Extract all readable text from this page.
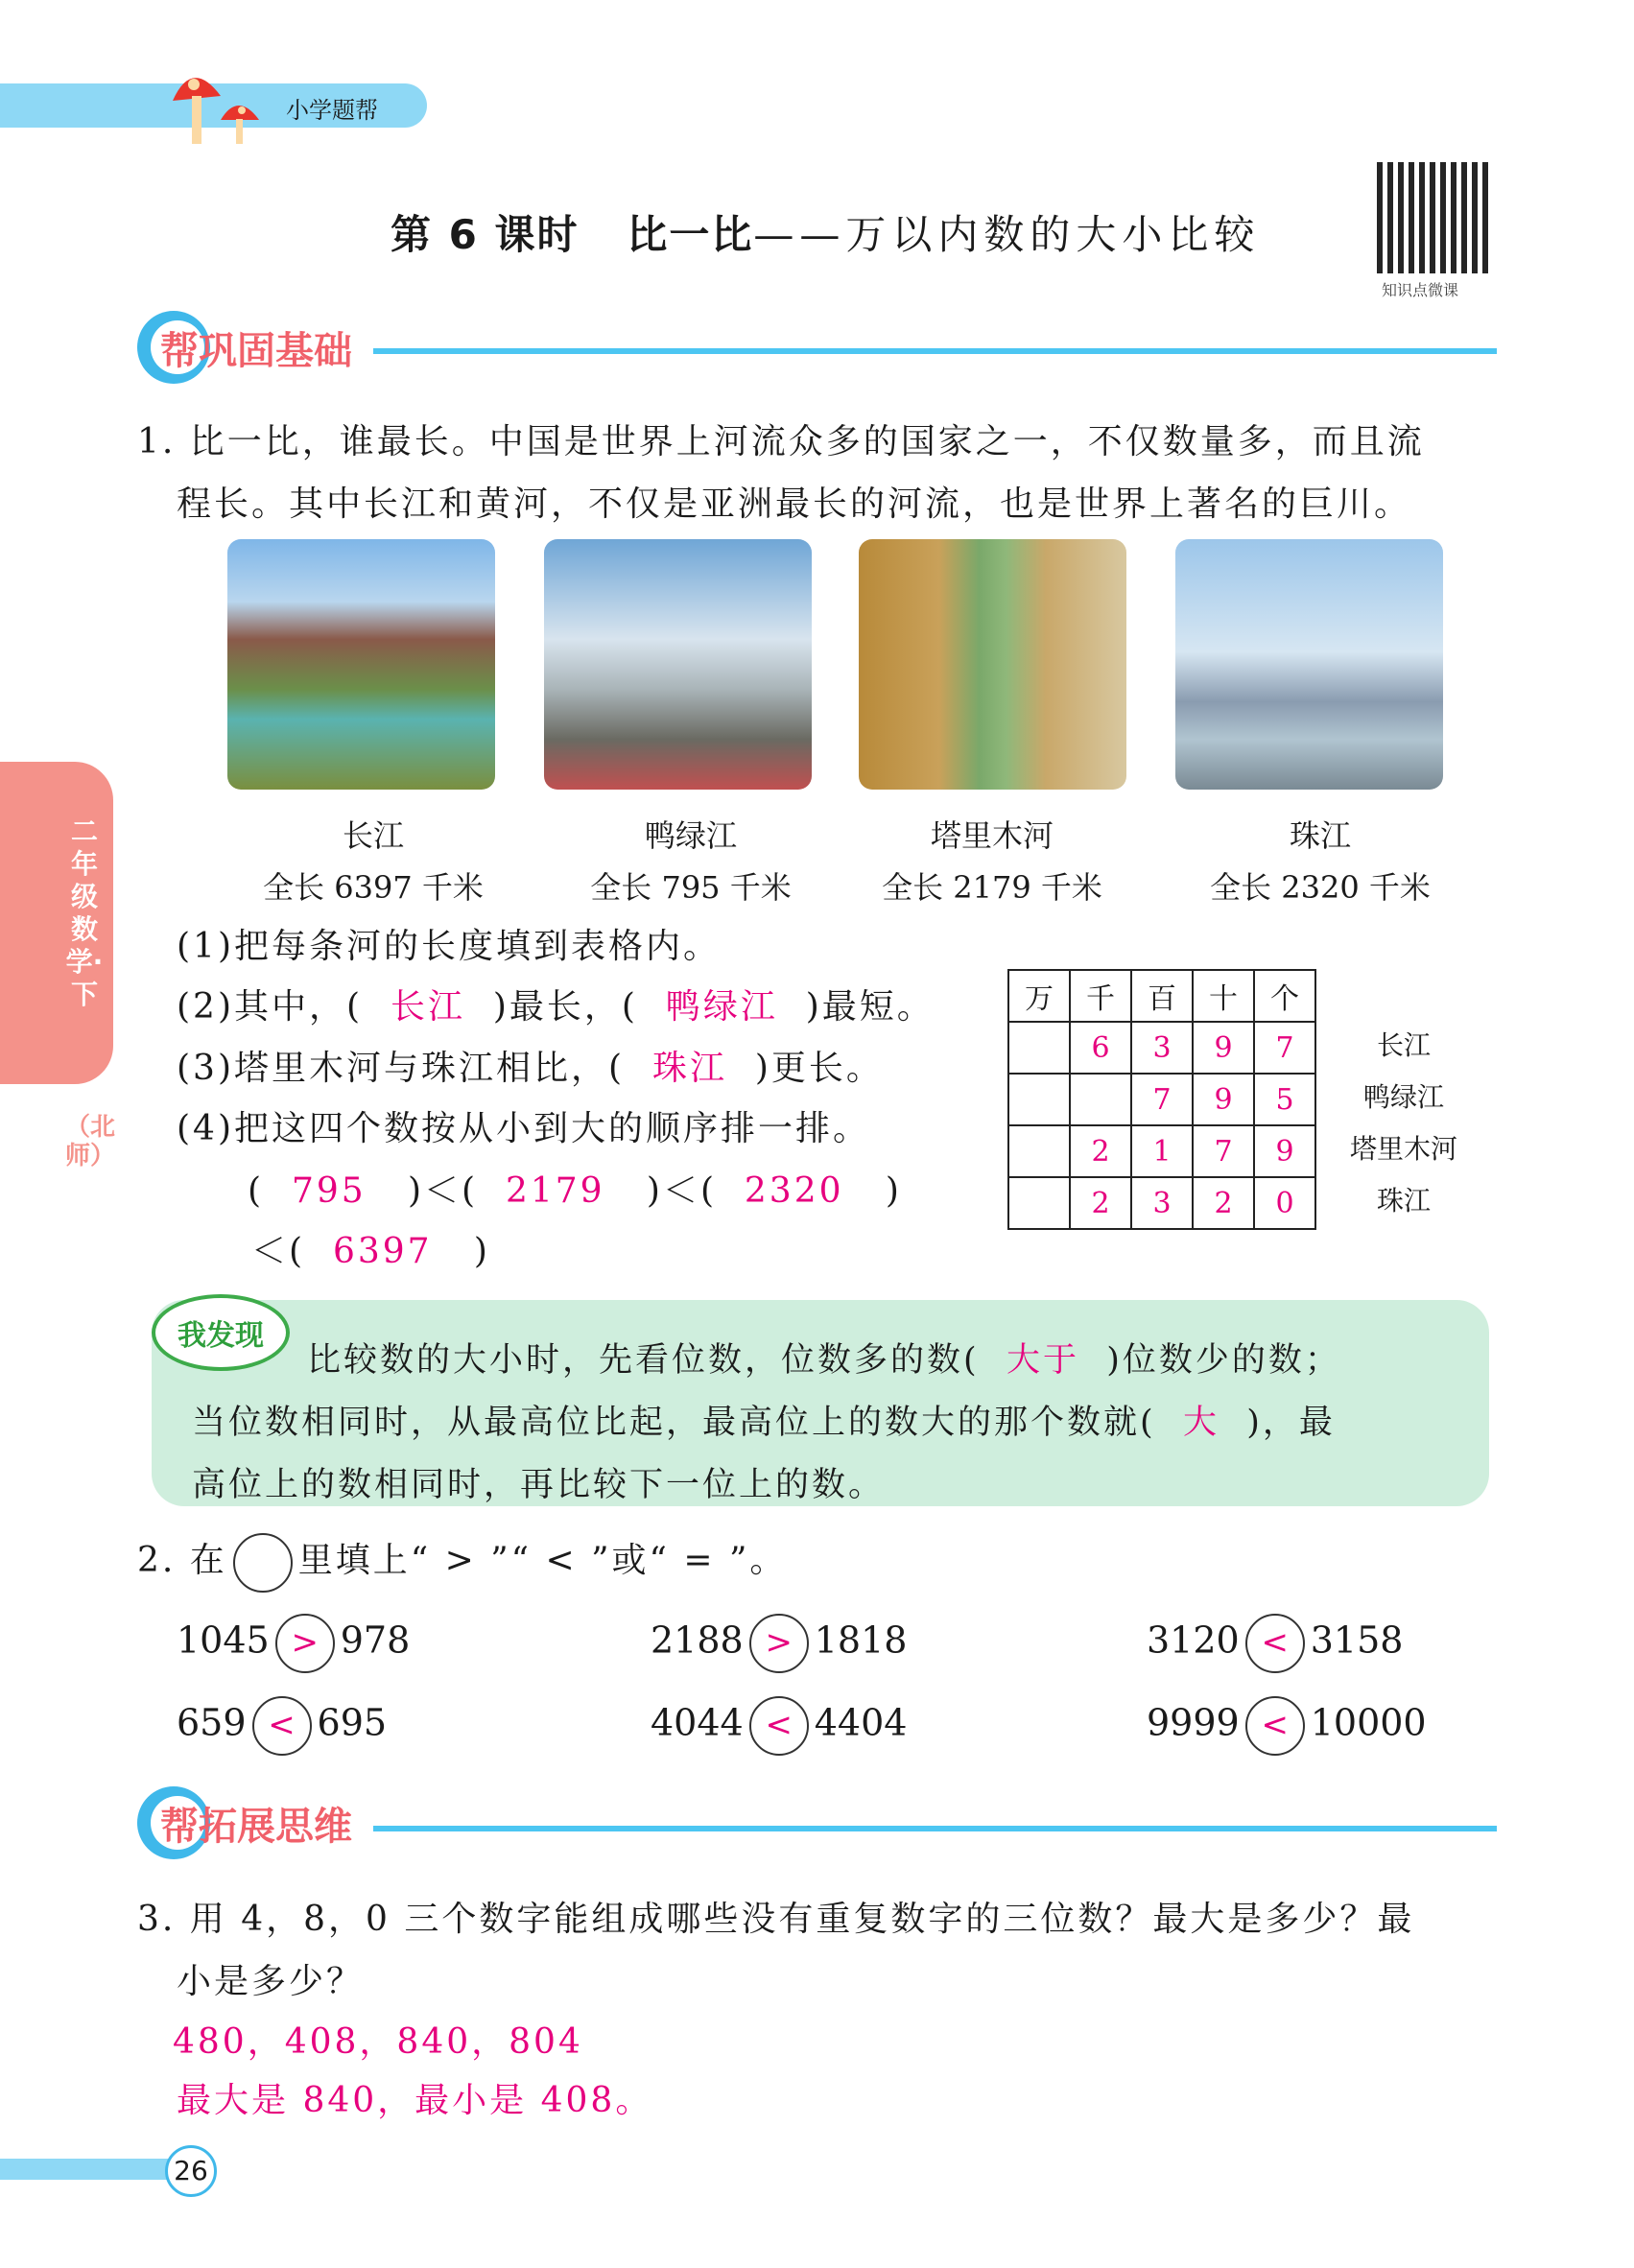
小学题帮
第 6 课时 比一比——万以内数的大小比较
知识点微课
帮巩固基础
二年级数学·下
（北师）
1. 比一比，谁最长。中国是世界上河流众多的国家之一，不仅数量多，而且流
程长。其中长江和黄河，不仅是亚洲最长的河流，也是世界上著名的巨川。
长江	鸭绿江	塔里木河	珠江
全长 6397 千米	全长 795 千米	全长 2179 千米	全长 2320 千米
(1)把每条河的长度填到表格内。
(2)其中，( 长江 )最长，( 鸭绿江 )最短。
(3)塔里木河与珠江相比，( 珠江 )更长。
(4)把这四个数按从小到大的顺序排一排。
(  795   )＜(  2179   )＜(  2320   )
＜(  6397   )
万	千	百	十	个
	6	3	9	7
		7	9	5
	2	1	7	9
	2	3	2	0
长江
鸭绿江
塔里木河
珠江
我发现
比较数的大小时，先看位数，位数多的数( 大于 )位数少的数；
当位数相同时，从最高位比起，最高位上的数大的那个数就( 大 )，最
高位上的数相同时，再比较下一位上的数。
2. 在 里填上“ > ”“ < ”或“ = ”。
1045 > 978	2188 > 1818	3120 < 3158
659 < 695	4044 < 4404	9999 < 10000
帮拓展思维
3. 用 4，8，0 三个数字能组成哪些没有重复数字的三位数？最大是多少？最
小是多少？
480，408，840，804
最大是 840，最小是 408。
26
